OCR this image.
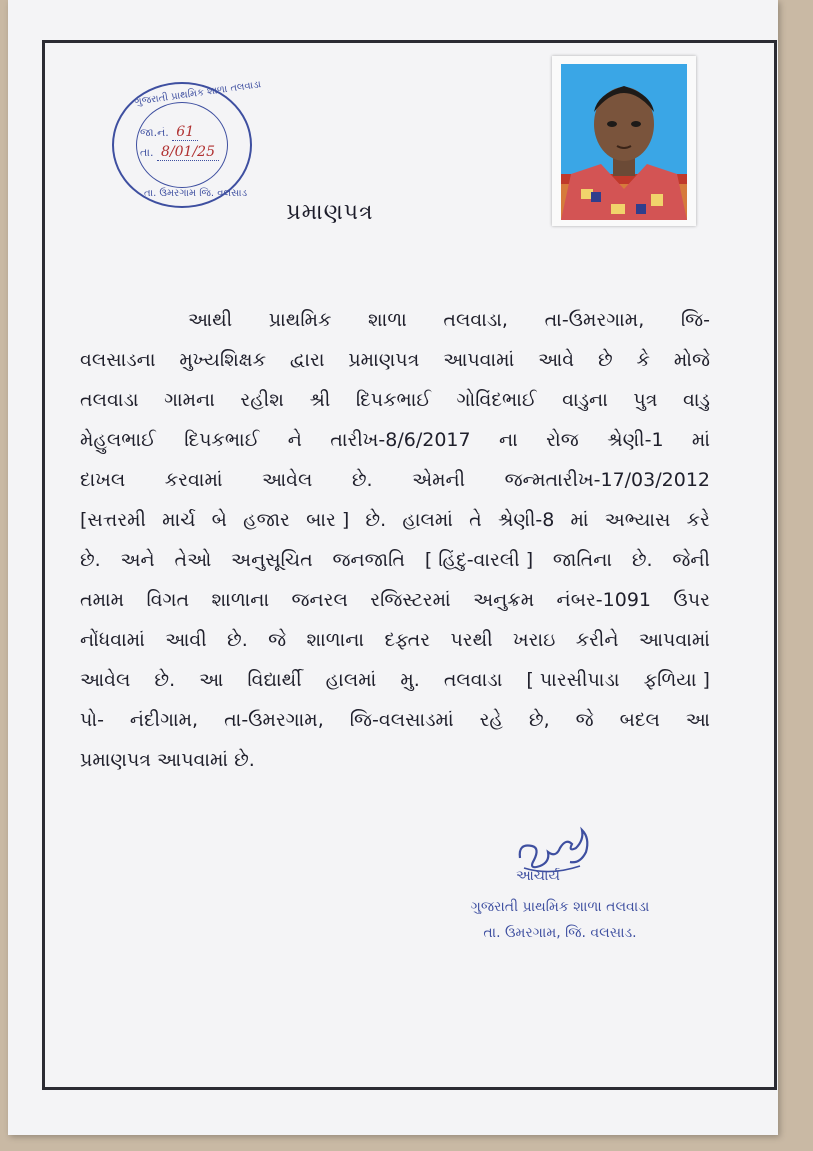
ગુજરાતી પ્રાથમિક શાળા તલવાડા
જા.નં. 61
તા. 8/01/25
તા. ઉમરગામ જિ. વલસાડ
પ્રમાણપત્ર
આથી પ્રાથમિક શાળા તલવાડા, તા-ઉમરગામ, જિ-
વલસાડના મુખ્યશિક્ષક દ્વારા પ્રમાણપત્ર આપવામાં આવે છે કે મોજે
તલવાડા ગામના રહીશ શ્રી દિપકભાઈ ગોવિંદભાઈ વાડુના પુત્ર વાડુ
મેહુલભાઈ દિપકભાઈ ને તારીખ-8/6/2017 ના રોજ શ્રેણી-1 માં
દાખલ કરવામાં આવેલ છે. એમની જન્મતારીખ-17/03/2012
[સત્તરમી માર્ચ બે હજાર બાર ] છે. હાલમાં તે શ્રેણી-8 માં અભ્યાસ કરે
છે. અને તેઓ અનુસૂચિત જનજાતિ [ હિંદુ-વારલી ] જાતિના છે. જેની
તમામ વિગત શાળાના જનરલ રજિસ્ટરમાં અનુક્રમ નંબર-1091 ઉપર
નોંધવામાં આવી છે. જે શાળાના દફ્તર પરથી ખરાઇ કરીને આપવામાં
આવેલ છે. આ વિદ્યાર્થી હાલમાં મુ. તલવાડા [ પારસીપાડા ફળિયા ]
પો- નંદીગામ, તા-ઉમરગામ, જિ-વલસાડમાં રહે છે, જે બદલ આ
પ્રમાણપત્ર આપવામાં છે.
આચાર્ય
ગુજરાતી પ્રાથમિક શાળા તલવાડા
તા. ઉમરગામ, જિ. વલસાડ.
